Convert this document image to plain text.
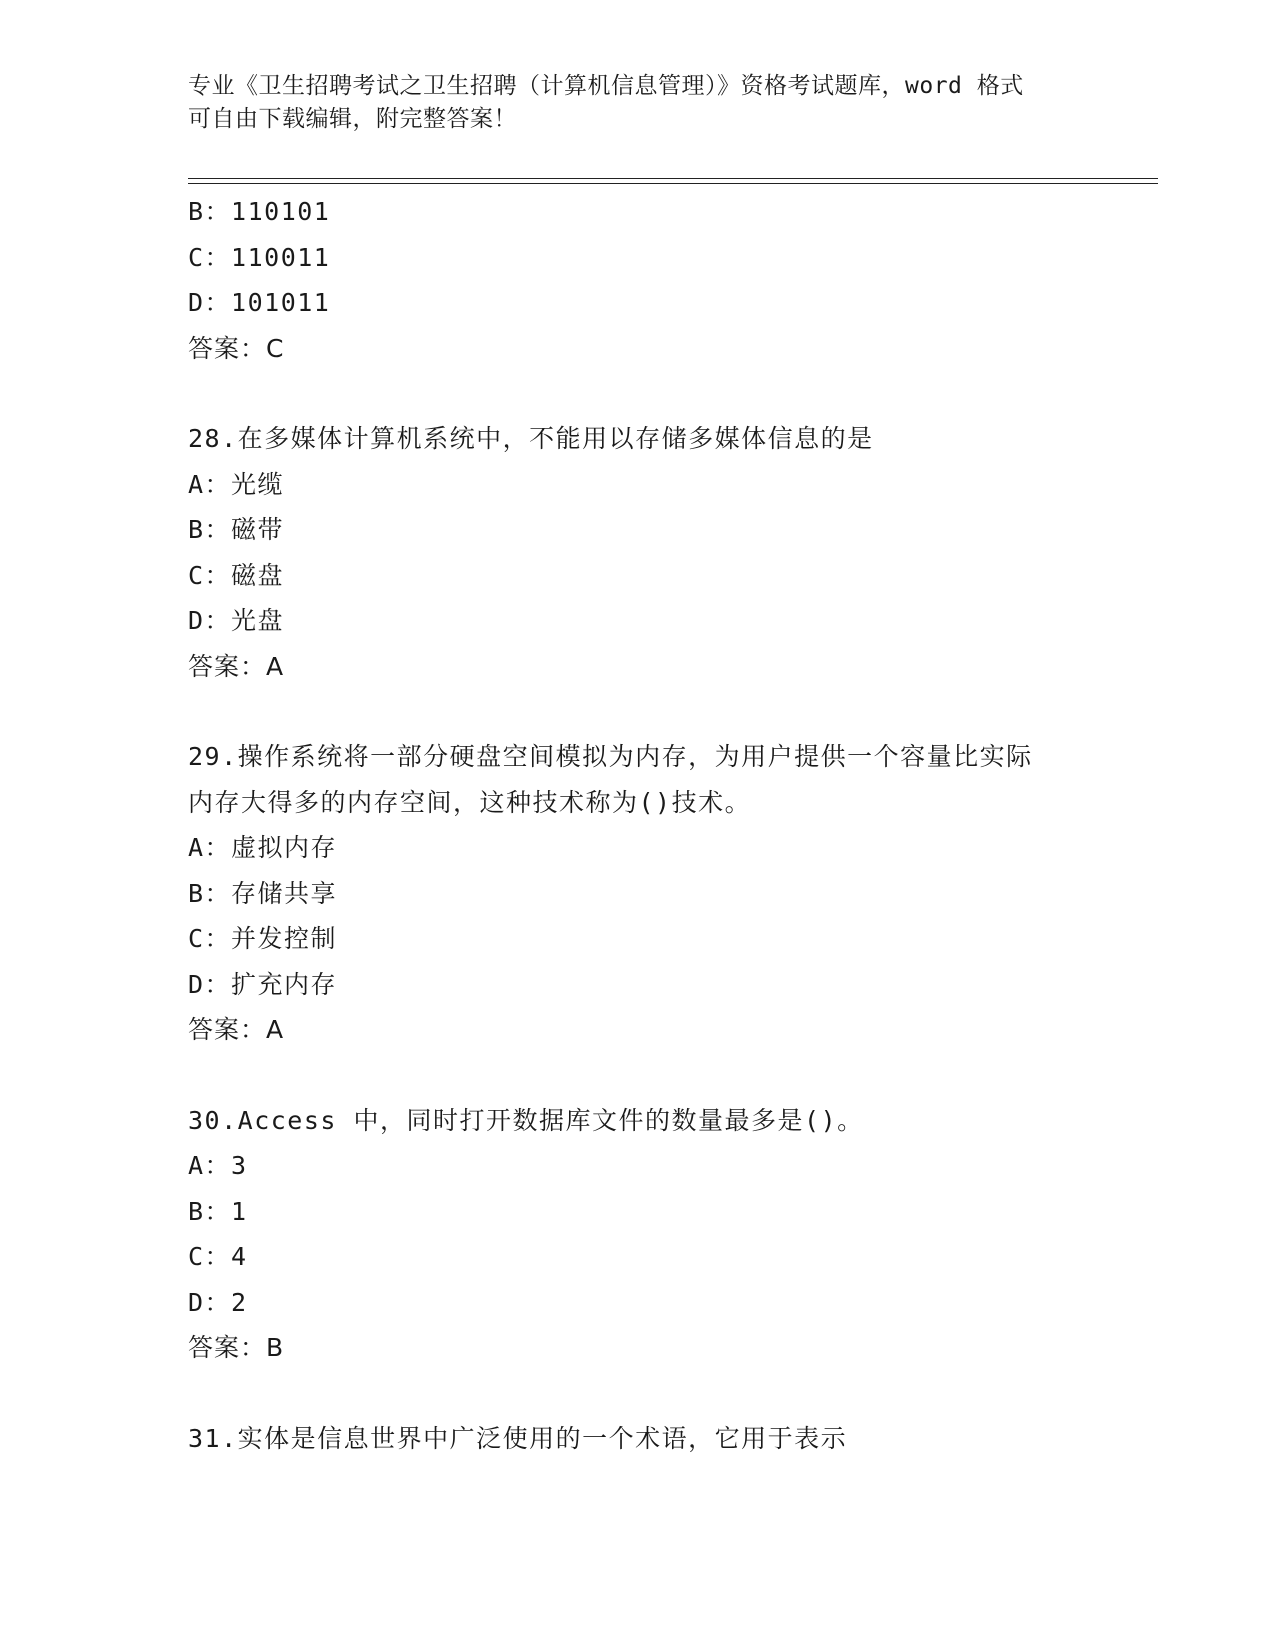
专业《卫生招聘考试之卫生招聘（计算机信息管理）》资格考试题库，word 格式
可自由下载编辑，附完整答案！

B：110101

C：110011

D：101011

答案：C

28.在多媒体计算机系统中，不能用以存储多媒体信息的是

A：光缆

B：磁带

C：磁盘

D：光盘

答案：A

29.操作系统将一部分硬盘空间模拟为内存，为用户提供一个容量比实际内存大得多的内存空间，这种技术称为()技术。

A：虚拟内存

B：存储共享

C：并发控制

D：扩充内存

答案：A

30.Access 中，同时打开数据库文件的数量最多是()。

A：3

B：1

C：4

D：2

答案：B

31.实体是信息世界中广泛使用的一个术语，它用于表示
